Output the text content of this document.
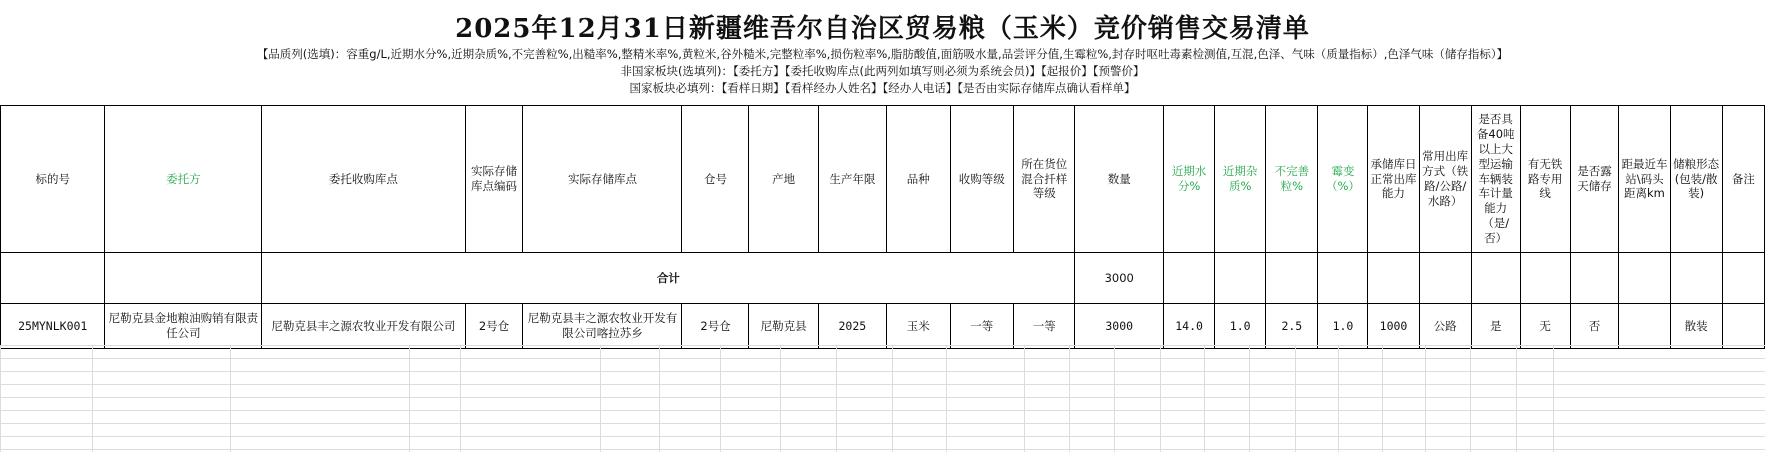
2025年12月31日新疆维吾尔自治区贸易粮（玉米）竞价销售交易清单
【品质列(选填)：容重g/L,近期水分%,近期杂质%,不完善粒%,出糙率%,整精米率%,黄粒米,谷外糙米,完整粒率%,损伤粒率%,脂肪酸值,面筋吸水量,品尝评分值,生霉粒%,封存时呕吐毒素检测值,互混,色泽、气味（质量指标）,色泽气味（储存指标）】
非国家板块(选填列)：【委托方】【委托收购库点(此两列如填写则必须为系统会员)】【起报价】【预警价】
国家板块必填列：【看样日期】【看样经办人姓名】【经办人电话】【是否由实际存储库点确认看样单】
标的号	委托方	委托收购库点	实际存储库点编码	实际存储库点	仓号	产地	生产年限	品种	收购等级	所在货位混合扦样等级	数量	近期水分%	近期杂质%	不完善粒%	霉变（%）	承储库日正常出库能力	常用出库方式（铁路/公路/水路）	是否具备40吨以上大型运输车辆装车计量能力（是/否）	有无铁路专用线	是否露天储存	距最近车站\码头距离km	储粮形态(包装/散装)	备注
		合计									3000												
25MYNLK001	尼勒克县金地粮油购销有限责任公司	尼勒克县丰之源农牧业开发有限公司	2号仓	尼勒克县丰之源农牧业开发有限公司喀拉苏乡	2号仓	尼勒克县	2025	玉米	一等	一等	3000	14.0	1.0	2.5	1.0	1000	公路	是	无	否		散装	
